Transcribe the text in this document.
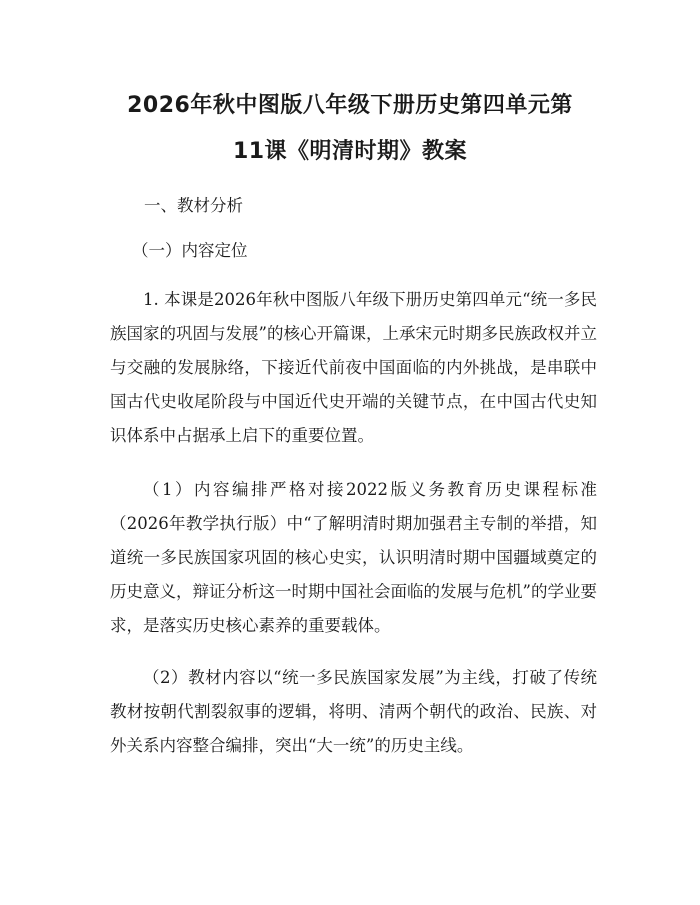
2026年秋中图版八年级下册历史第四单元第
11课《明清时期》教案

一、教材分析

（一）内容定位

1. 本课是2026年秋中图版八年级下册历史第四单元“统一多民族国家的巩固与发展”的核心开篇课，上承宋元时期多民族政权并立与交融的发展脉络，下接近代前夜中国面临的内外挑战，是串联中国古代史收尾阶段与中国近代史开端的关键节点，在中国古代史知识体系中占据承上启下的重要位置。

（1）内容编排严格对接2022版义务教育历史课程标准（2026年教学执行版）中“了解明清时期加强君主专制的举措，知道统一多民族国家巩固的核心史实，认识明清时期中国疆域奠定的历史意义，辩证分析这一时期中国社会面临的发展与危机”的学业要求，是落实历史核心素养的重要载体。

（2）教材内容以“统一多民族国家发展”为主线，打破了传统教材按朝代割裂叙事的逻辑，将明、清两个朝代的政治、民族、对外关系内容整合编排，突出“大一统”的历史主线。
